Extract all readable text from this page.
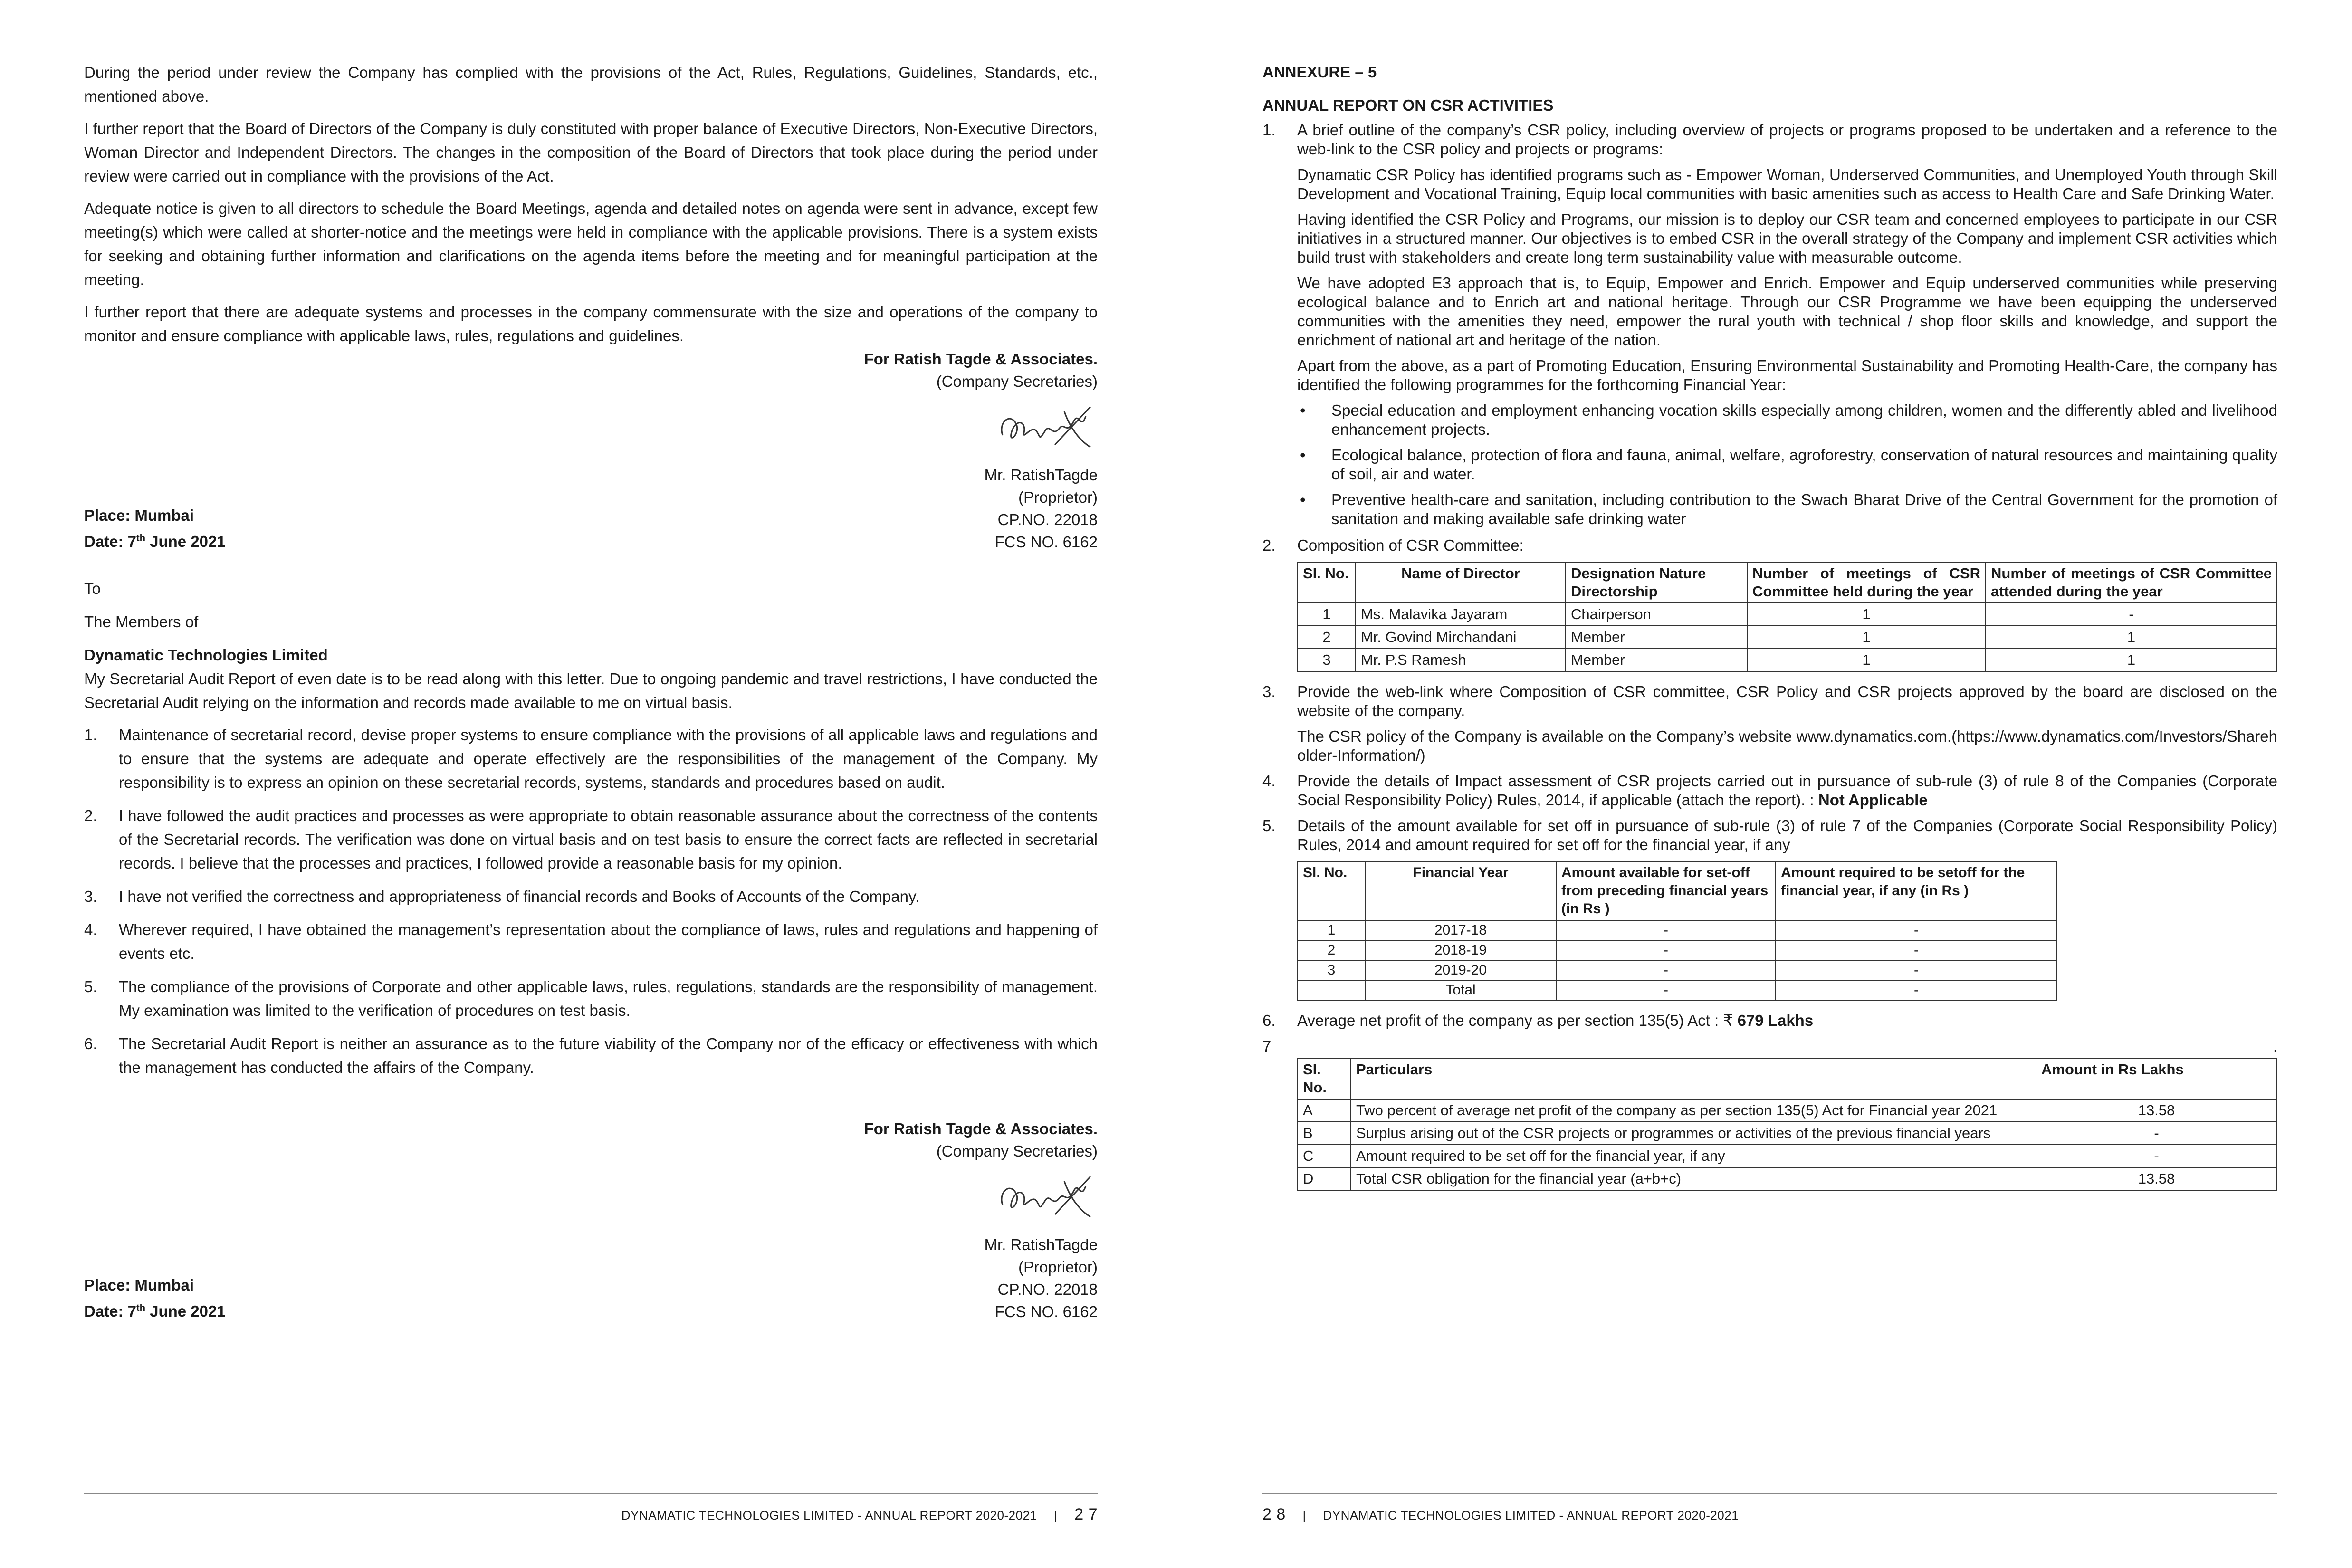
During the period under review the Company has complied with the provisions of the Act, Rules, Regulations, Guidelines, Standards, etc., mentioned above.

I further report that the Board of Directors of the Company is duly constituted with proper balance of Executive Directors, Non-Executive Directors, Woman Director and Independent Directors. The changes in the composition of the Board of Directors that took place during the period under review were carried out in compliance with the provisions of the Act.

Adequate notice is given to all directors to schedule the Board Meetings, agenda and detailed notes on agenda were sent in advance, except few meeting(s) which were called at shorter-notice and the meetings were held in compliance with the applicable provisions. There is a system exists for seeking and obtaining further information and clarifications on the agenda items before the meeting and for meaningful participation at the meeting.

I further report that there are adequate systems and processes in the company commensurate with the size and operations of the company to monitor and ensure compliance with applicable laws, rules, regulations and guidelines.

For Ratish Tagde & Associates.

(Company Secretaries)

Place: Mumbai

Date: 7th June 2021

Mr. RatishTagde

(Proprietor)

CP.NO. 22018

FCS NO. 6162

To

The Members of

Dynamatic Technologies Limited

My Secretarial Audit Report of even date is to be read along with this letter. Due to ongoing pandemic and travel restrictions, I have conducted the Secretarial Audit relying on the information and records made available to me on virtual basis.

1. Maintenance of secretarial record, devise proper systems to ensure compliance with the provisions of all applicable laws and regulations and to ensure that the systems are adequate and operate effectively are the responsibilities of the management of the Company. My responsibility is to express an opinion on these secretarial records, systems, standards and procedures based on audit.
2. I have followed the audit practices and processes as were appropriate to obtain reasonable assurance about the correctness of the contents of the Secretarial records. The verification was done on virtual basis and on test basis to ensure the correct facts are reflected in secretarial records. I believe that the processes and practices, I followed provide a reasonable basis for my opinion.
3. I have not verified the correctness and appropriateness of financial records and Books of Accounts of the Company.
4. Wherever required, I have obtained the management’s representation about the compliance of laws, rules and regulations and happening of events etc.
5. The compliance of the provisions of Corporate and other applicable laws, rules, regulations, standards are the responsibility of management. My examination was limited to the verification of procedures on test basis.
6. The Secretarial Audit Report is neither an assurance as to the future viability of the Company nor of the efficacy or effectiveness with which the management has conducted the affairs of the Company.

For Ratish Tagde & Associates.

(Company Secretaries)

Place: Mumbai

Date: 7th June 2021

Mr. RatishTagde

(Proprietor)

CP.NO. 22018

FCS NO. 6162

DYNAMATIC TECHNOLOGIES LIMITED - ANNUAL REPORT 2020-2021 | 2 7

ANNEXURE – 5

ANNUAL REPORT ON CSR ACTIVITIES

1. A brief outline of the company’s CSR policy, including overview of projects or programs proposed to be undertaken and a reference to the web-link to the CSR policy and projects or programs:

Dynamatic CSR Policy has identified programs such as - Empower Woman, Underserved Communities, and Unemployed Youth through Skill Development and Vocational Training, Equip local communities with basic amenities such as access to Health Care and Safe Drinking Water.

Having identified the CSR Policy and Programs, our mission is to deploy our CSR team and concerned employees to participate in our CSR initiatives in a structured manner. Our objectives is to embed CSR in the overall strategy of the Company and implement CSR activities which build trust with stakeholders and create long term sustainability value with measurable outcome.

We have adopted E3 approach that is, to Equip, Empower and Enrich. Empower and Equip underserved communities while preserving ecological balance and to Enrich art and national heritage. Through our CSR Programme we have been equipping the underserved communities with the amenities they need, empower the rural youth with technical / shop floor skills and knowledge, and support the enrichment of national art and heritage of the nation.

Apart from the above, as a part of Promoting Education, Ensuring Environmental Sustainability and Promoting Health-Care, the company has identified the following programmes for the forthcoming Financial Year:

• Special education and employment enhancing vocation skills especially among children, women and the differently abled and livelihood enhancement projects.
• Ecological balance, protection of flora and fauna, animal, welfare, agroforestry, conservation of natural resources and maintaining quality of soil, air and water.
• Preventive health-care and sanitation, including contribution to the Swach Bharat Drive of the Central Government for the promotion of sanitation and making available safe drinking water

2. Composition of CSR Committee:

Sl. No.	Name of Director	Designation Nature Directorship	Number of meetings of CSR Committee held during the year	Number of meetings of CSR Committee attended during the year
1	Ms. Malavika Jayaram	Chairperson	1	-
2	Mr. Govind Mirchandani	Member	1	1
3	Mr. P.S Ramesh	Member	1	1

3. Provide the web-link where Composition of CSR committee, CSR Policy and CSR projects approved by the board are disclosed on the website of the company.

The CSR policy of the Company is available on the Company’s website www.dynamatics.com.(https://www.dynamatics.com/Investors/Shareholder-Information/)

4. Provide the details of Impact assessment of CSR projects carried out in pursuance of sub-rule (3) of rule 8 of the Companies (Corporate Social Responsibility Policy) Rules, 2014, if applicable (attach the report). : Not Applicable

5. Details of the amount available for set off in pursuance of sub-rule (3) of rule 7 of the Companies (Corporate Social Responsibility Policy) Rules, 2014 and amount required for set off for the financial year, if any

Sl. No.	Financial Year	Amount available for set-off from preceding financial years (in Rs )	Amount required to be setoff for the financial year, if any (in Rs )
1	2017-18	-	-
2	2018-19	-	-
3	2019-20	-	-
	Total	-	-

6. Average net profit of the company as per section 135(5) Act : ₹ 679 Lakhs

7	.

Sl. No.	Particulars	Amount in Rs Lakhs
A	Two percent of average net profit of the company as per section 135(5) Act for Financial year 2021	13.58
B	Surplus arising out of the CSR projects or programmes or activities of the previous financial years	-
C	Amount required to be set off for the financial year, if any	-
D	Total CSR obligation for the financial year (a+b+c)	13.58
2 8 | DYNAMATIC TECHNOLOGIES LIMITED - ANNUAL REPORT 2020-2021
